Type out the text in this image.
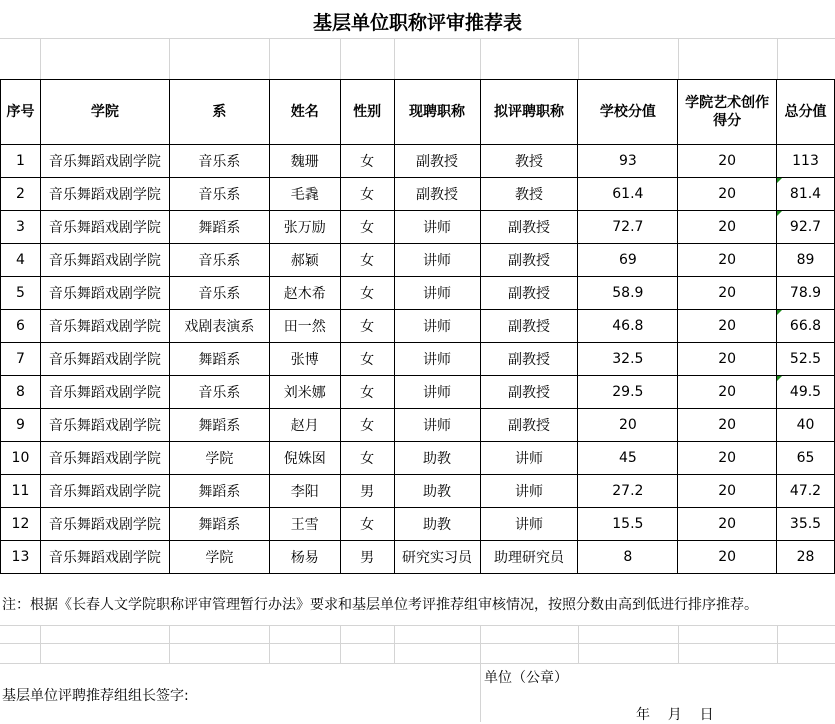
基层单位职称评审推荐表
序号	学院	系	姓名	性别	现聘职称	拟评聘职称	学校分值	学院艺术创作得分	总分值
1	音乐舞蹈戏剧学院	音乐系	魏珊	女	副教授	教授	93	20	113
2	音乐舞蹈戏剧学院	音乐系	毛毳	女	副教授	教授	61.4	20	81.4

3	音乐舞蹈戏剧学院	舞蹈系	张万励	女	讲师	副教授	72.7	20	92.7

4	音乐舞蹈戏剧学院	音乐系	郝颖	女	讲师	副教授	69	20	89
5	音乐舞蹈戏剧学院	音乐系	赵木希	女	讲师	副教授	58.9	20	78.9
6	音乐舞蹈戏剧学院	戏剧表演系	田一然	女	讲师	副教授	46.8	20	66.8

7	音乐舞蹈戏剧学院	舞蹈系	张博	女	讲师	副教授	32.5	20	52.5
8	音乐舞蹈戏剧学院	音乐系	刘米娜	女	讲师	副教授	29.5	20	49.5

9	音乐舞蹈戏剧学院	舞蹈系	赵月	女	讲师	副教授	20	20	40
10	音乐舞蹈戏剧学院	学院	倪姝囡	女	助教	讲师	45	20	65
11	音乐舞蹈戏剧学院	舞蹈系	李阳	男	助教	讲师	27.2	20	47.2
12	音乐舞蹈戏剧学院	舞蹈系	王雪	女	助教	讲师	15.5	20	35.5
13	音乐舞蹈戏剧学院	学院	杨易	男	研究实习员	助理研究员	8	20	28
注：根据《长春人文学院职称评审管理暂行办法》要求和基层单位考评推荐组审核情况，按照分数由高到低进行排序推荐。
基层单位评聘推荐组组长签字:
单位（公章）
年    月    日
